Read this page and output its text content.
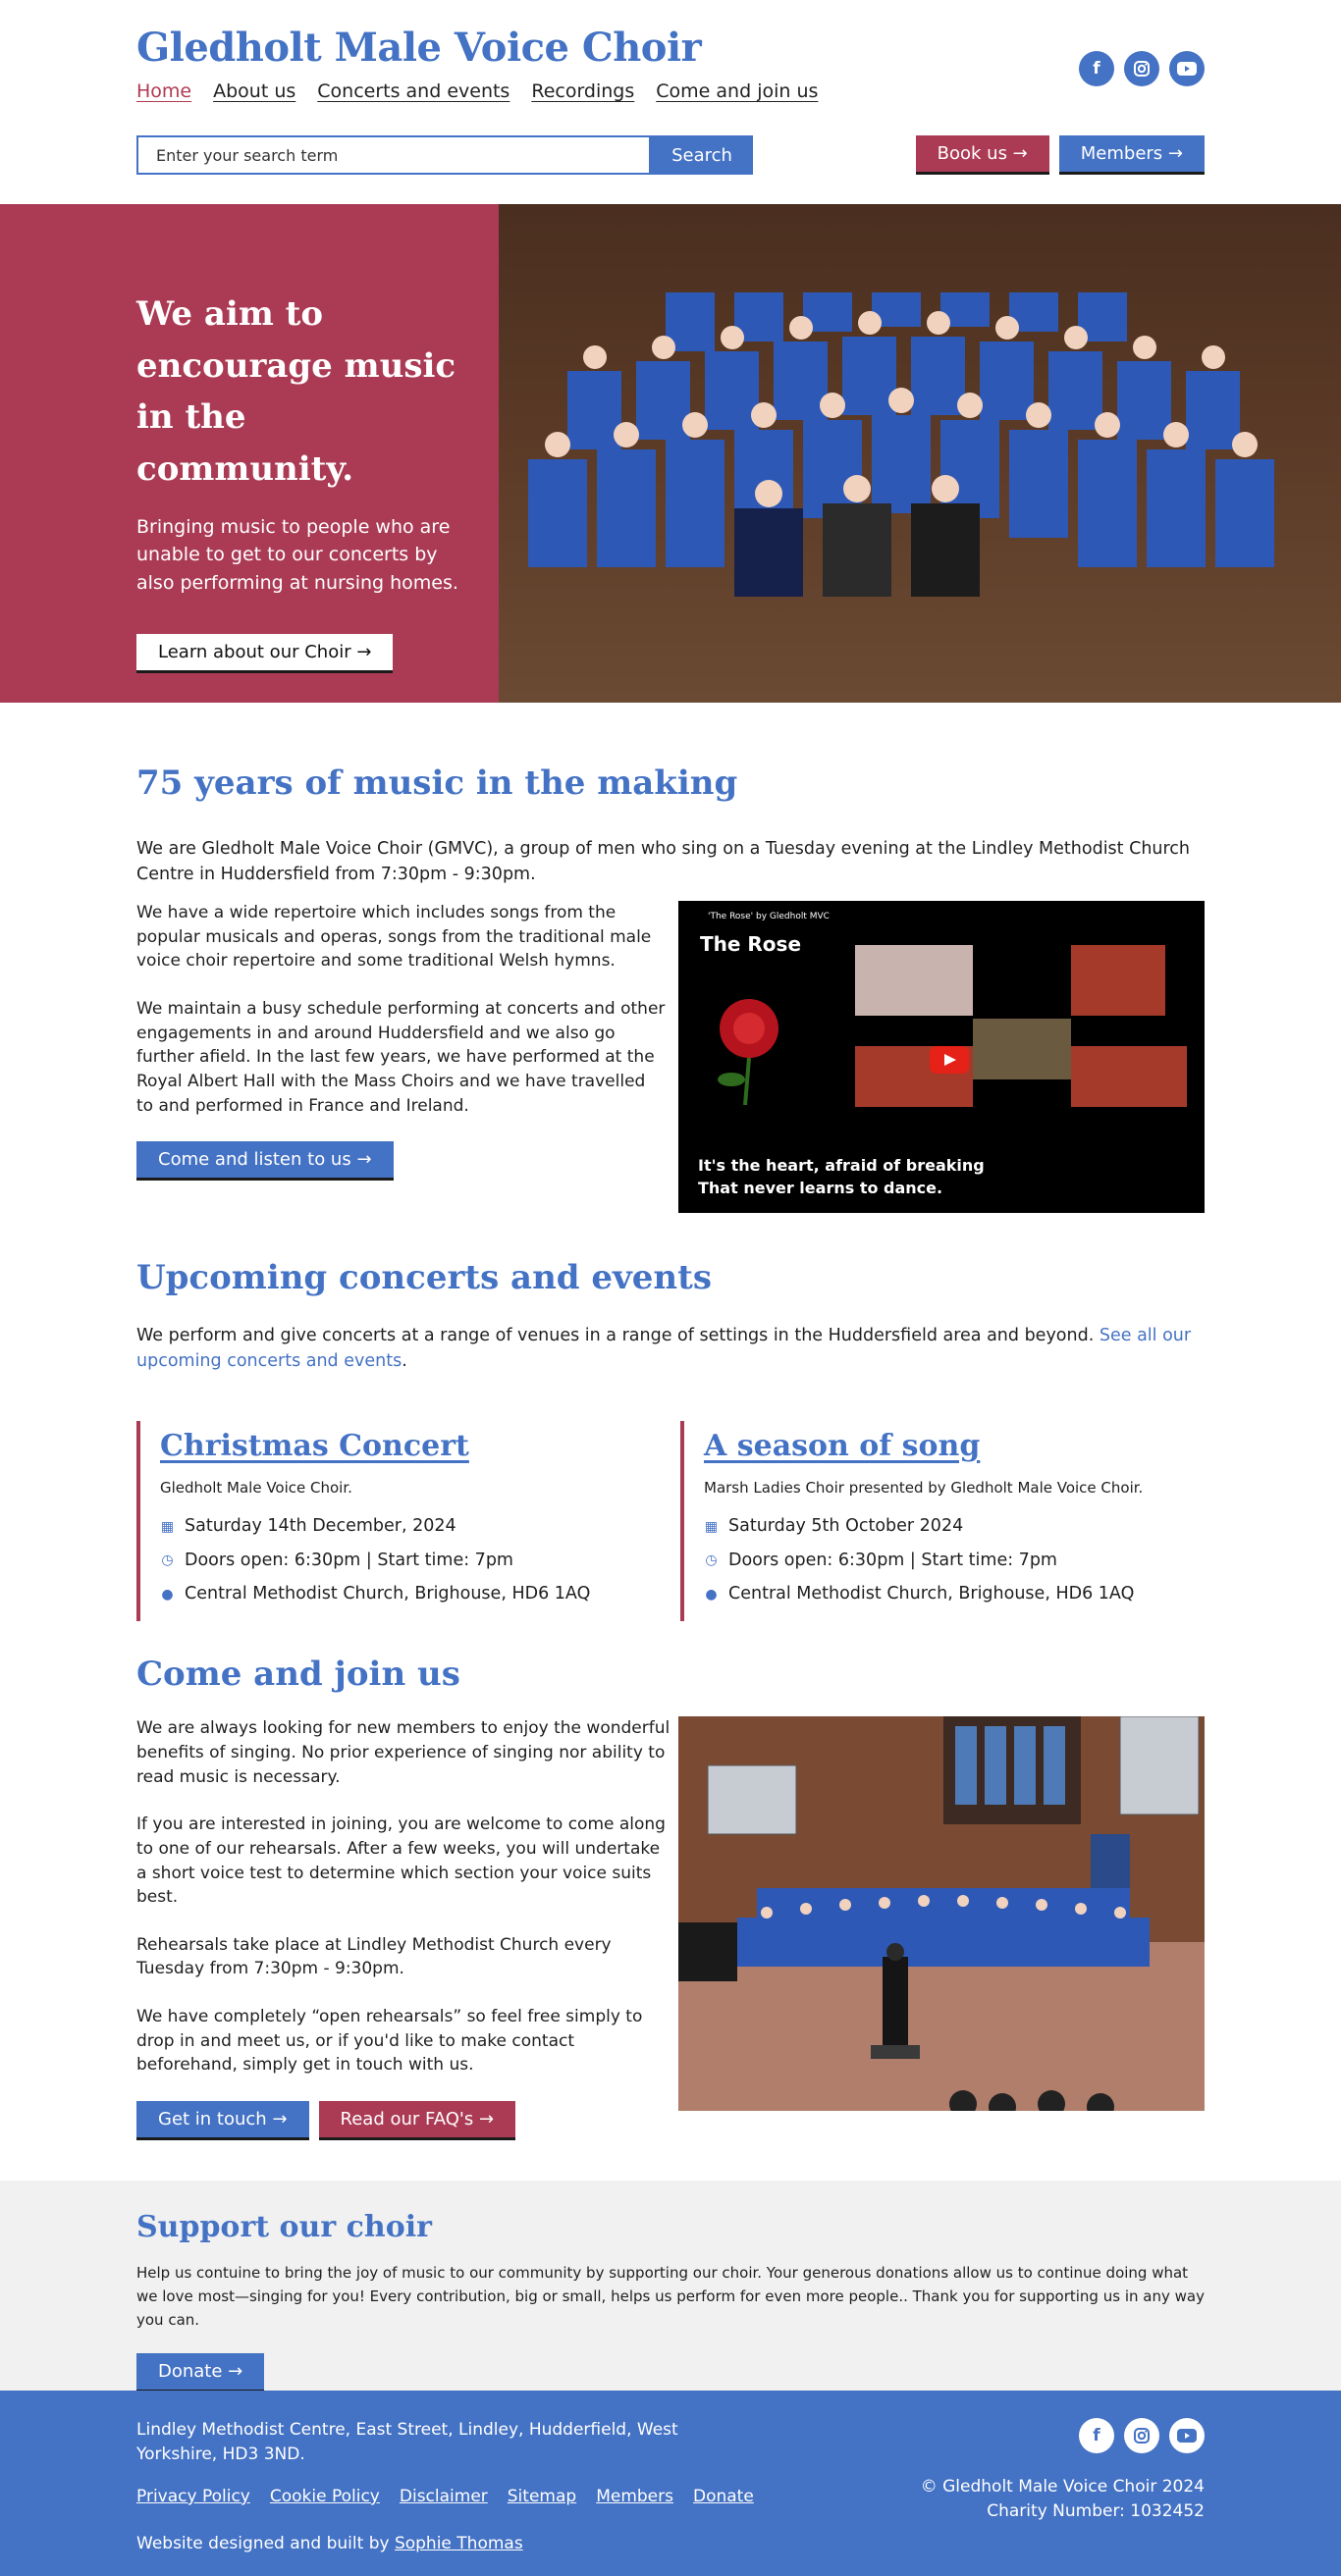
Gledholt Male Voice Choir
Home About us Concerts and events Recordings Come and join us
f
Enter your search term
Search	Book us →	Members →
We aim to encourage music in the community.

Bringing music to people who are unable to get to our concerts by also performing at nursing homes.

Learn about our Choir →
75 years of music in the making

We are Gledholt Male Voice Choir (GMVC), a group of men who sing on a Tuesday evening at the Lindley Methodist Church Centre in Huddersfield from 7:30pm - 9:30pm.

We have a wide repertoire which includes songs from the popular musicals and operas, songs from the traditional male voice choir repertoire and some traditional Welsh hymns.

We maintain a busy schedule performing at concerts and other engagements in and around Huddersfield and we also go further afield. In the last few years, we have performed at the Royal Albert Hall with the Mass Choirs and we have travelled to and performed in France and Ireland.

Come and listen to us →
'The Rose' by Gledholt MVC
The Rose
It's the heart, afraid of breaking
That never learns to dance.
Upcoming concerts and events

We perform and give concerts at a range of venues in a range of settings in the Huddersfield area and beyond. See all our upcoming concerts and events.

Christmas Concert
Gledholt Male Voice Choir.
▦ Saturday 14th December, 2024
◷ Doors open: 6:30pm | Start time: 7pm
● Central Methodist Church, Brighouse, HD6 1AQ
A season of song
Marsh Ladies Choir presented by Gledholt Male Voice Choir.
▦ Saturday 5th October 2024
◷ Doors open: 6:30pm | Start time: 7pm
● Central Methodist Church, Brighouse, HD6 1AQ
Come and join us

We are always looking for new members to enjoy the wonderful benefits of singing. No prior experience of singing nor ability to read music is necessary.

If you are interested in joining, you are welcome to come along to one of our rehearsals. After a few weeks, you will undertake a short voice test to determine which section your voice suits best.

Rehearsals take place at Lindley Methodist Church every Tuesday from 7:30pm - 9:30pm.

We have completely “open rehearsals” so feel free simply to drop in and meet us, or if you'd like to make contact beforehand, simply get in touch with us.

Get in touch →	Read our FAQ's →
Support our choir

Help us contuine to bring the joy of music to our community by supporting our choir. Your generous donations allow us to continue doing what we love most—singing for you! Every contribution, big or small, helps us perform for even more people.. Thank you for supporting us in any way you can.

Donate →
Lindley Methodist Centre, East Street, Lindley, Hudderfield, West Yorkshire, HD3 3ND.
Privacy Policy Cookie Policy Disclaimer Sitemap Members Donate
Website designed and built by Sophie Thomas
f
© Gledholt Male Voice Choir 2024
Charity Number: 1032452
